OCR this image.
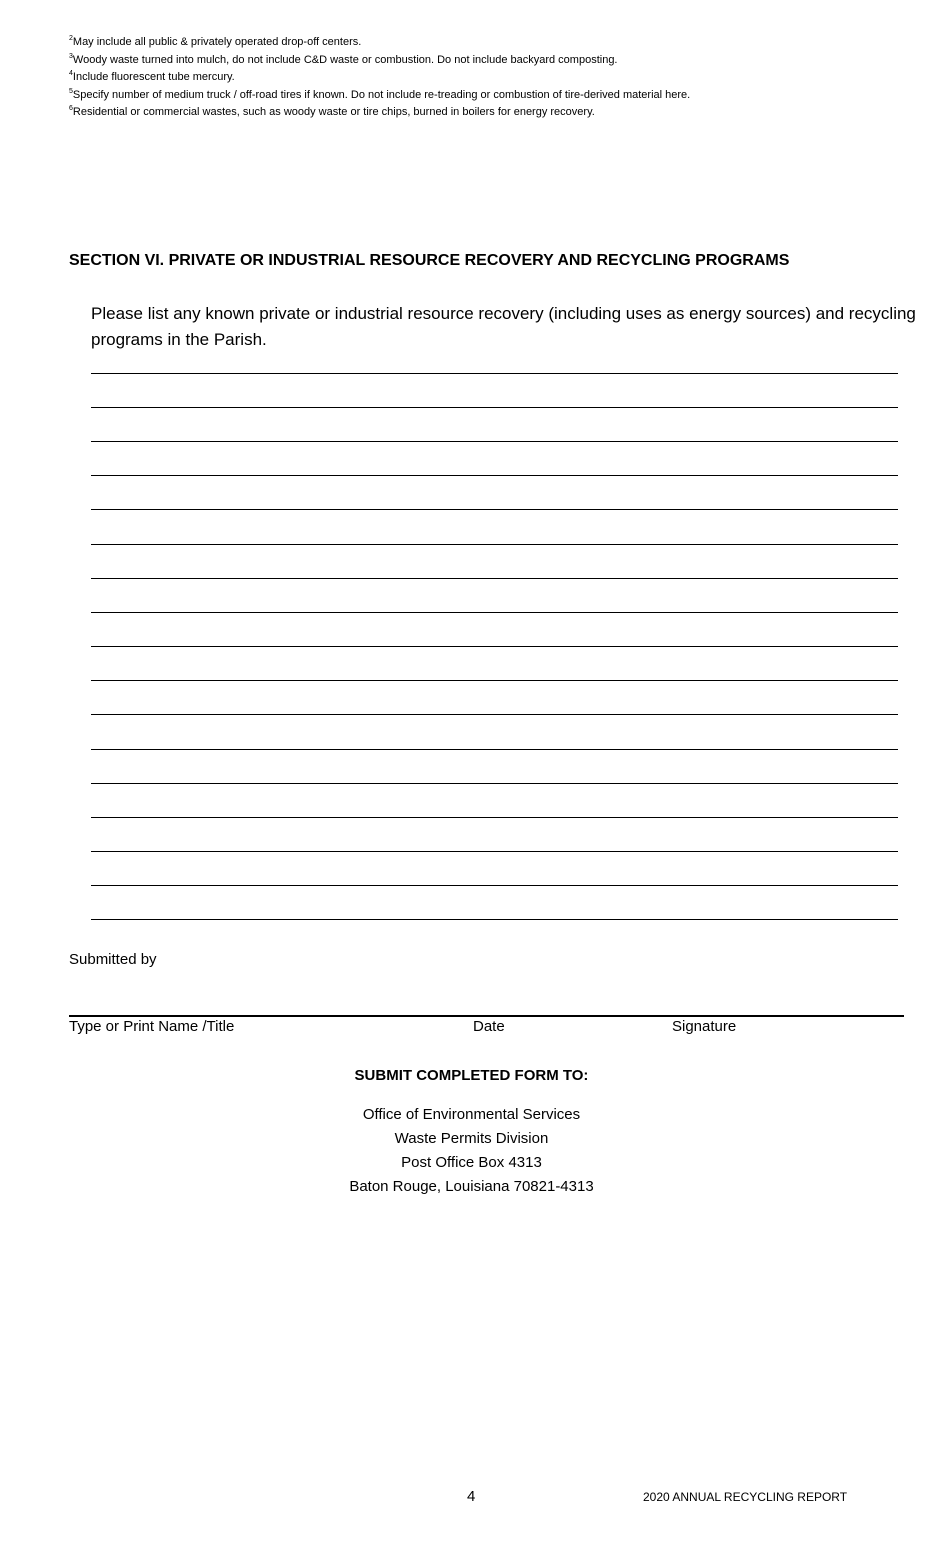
$^2$May include all public & privately operated drop-off centers.
$^3$Woody waste turned into mulch, do not include C&D waste or combustion. Do not include backyard composting.
$^4$Include fluorescent tube mercury.
$^5$Specify number of medium truck / off-road tires if known. Do not include re-treading or combustion of tire-derived material here.
$^6$Residential or commercial wastes, such as woody waste or tire chips, burned in boilers for energy recovery.
SECTION VI. PRIVATE OR INDUSTRIAL RESOURCE RECOVERY AND RECYCLING PROGRAMS
Please list any known private or industrial resource recovery (including uses as energy sources) and recycling programs in the Parish.
Submitted by
Type or Print Name /Title	Date	Signature
SUBMIT COMPLETED FORM TO:
Office of Environmental Services
Waste Permits Division
Post Office Box 4313
Baton Rouge, Louisiana 70821-4313
4	2020 ANNUAL RECYCLING REPORT
